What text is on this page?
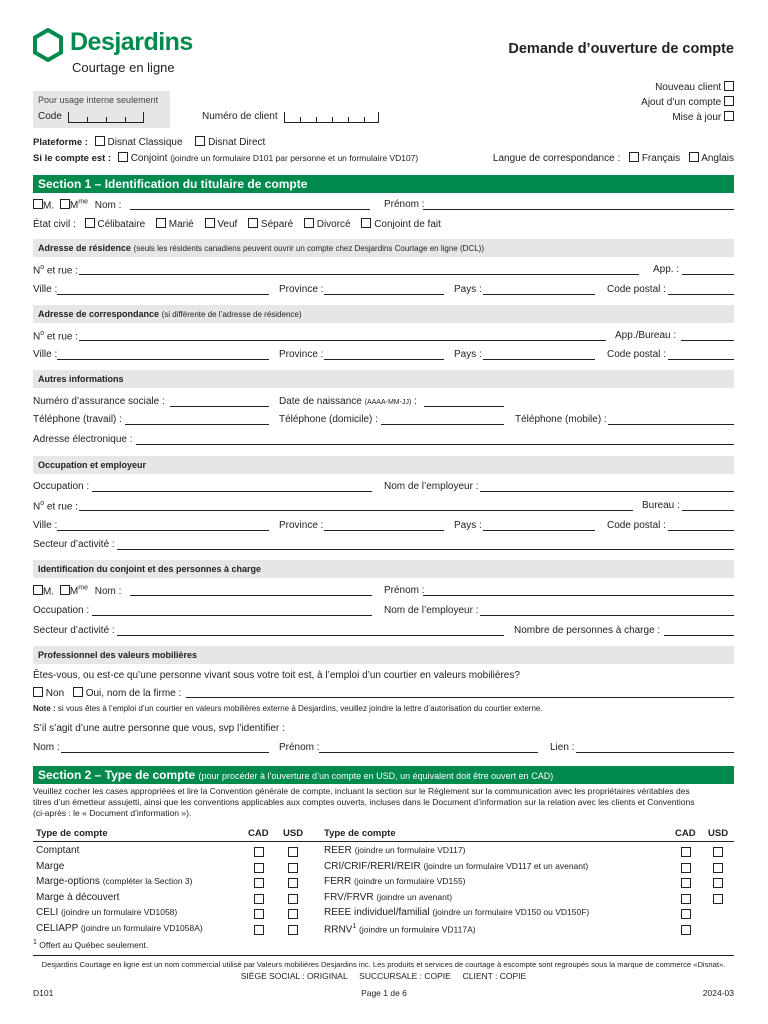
Desjardins
Courtage en ligne
Demande d’ouverture de compte
Nouveau client
Ajout d’un compte
Mise à jour
Pour usage interne seulement
Code	Numéro de client
Plateforme : Disnat Classique	Disnat Direct
Si le compte est : Conjoint (joindre un formulaire D101 par personne et un formulaire VD107)	Langue de correspondance : Français Anglais
Section 1 – Identification du titulaire de compte
M. $M^{me}$ Nom :	Prénom :
État civil : Célibataire Marié Veuf Séparé Divorcé Conjoint de fait
Adresse de résidence (seuls les résidents canadiens peuvent ouvrir un compte chez Desjardins Courtage en ligne (DCL))
$N^o$ et rue :	App. :
Ville :	Province :	Pays :	Code postal :
Adresse de correspondance (si différente de l’adresse de résidence)
$N^o$ et rue :	App./Bureau :
Ville :	Province :	Pays :	Code postal :
Autres informations
Numéro d’assurance sociale :	Date de naissance (AAAA-MM-JJ) :
Téléphone (travail) :	Téléphone (domicile) :	Téléphone (mobile) :
Adresse électronique :
Occupation et employeur
Occupation :	Nom de l’employeur :
$N^o$ et rue :	Bureau :
Ville :	Province :	Pays :	Code postal :
Secteur d’activité :
Identification du conjoint et des personnes à charge
M. $M^{me}$ Nom :	Prénom :
Occupation :	Nom de l’employeur :
Secteur d’activité :	Nombre de personnes à charge :
Professionnel des valeurs mobilières
Êtes-vous, ou est-ce qu’une personne vivant sous votre toit est, à l’emploi d’un courtier en valeurs mobilières?
Non Oui, nom de la firme :
Note : si vous êtes à l’emploi d’un courtier en valeurs mobilières externe à Desjardins, veuillez joindre la lettre d’autorisation du courtier externe.
S’il s’agit d’une autre personne que vous, svp l’identifier :
Nom :	Prénom :	Lien :
Section 2 – Type de compte (pour procéder à l’ouverture d’un compte en USD, un équivalent doit être ouvert en CAD)
Veuillez cocher les cases appropriées et lire la Convention générale de compte, incluant la section sur le Règlement sur la communication avec les propriétaires véritables des
titres d’un émetteur assujetti, ainsi que les conventions applicables aux comptes ouverts, incluses dans le Document d’information sur la relation avec les clients et Conventions
(ci-après : le « Document d’information »).
Type de compte	CAD USD Type de compte	CAD USD
Comptant	REER (joindre un formulaire VD117)
Marge	CRI/CRIF/RERI/REIR (joindre un formulaire VD117 et un avenant)
Marge-options (compléter la Section 3)	FERR (joindre un formulaire VD155)
Marge à découvert	FRV/FRVR (joindre un avenant)
CELI (joindre un formulaire VD1058)	REEE individuel/familial (joindre un formulaire VD150 ou VD150F)
CELIAPP (joindre un formulaire VD1058A)	RRNV$^1$ (joindre un formulaire VD117A)
$^1$ Offert au Québec seulement.
Desjardins Courtage en ligne est un nom commercial utilisé par Valeurs mobilières Desjardins inc. Les produits et services de courtage à escompte sont regroupés sous la marque de commerce «Disnat».
SIÈGE SOCIAL : ORIGINAL     SUCCURSALE : COPIE     CLIENT : COPIE
D101	Page 1 de 6	2024-03
